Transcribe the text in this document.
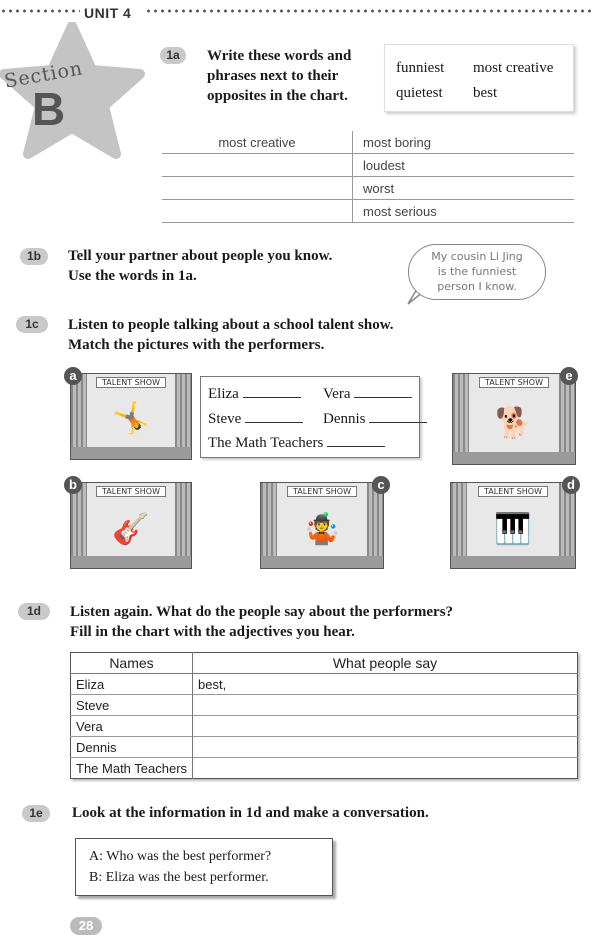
UNIT 4
Section
B
1a	Write these words and
phrases next to their
opposites in the chart.
funniest most creative
quietest best
most creative	most boring
	loudest
	worst
	most serious
1b	Tell your partner about people you know.
Use the words in 1a.
My cousin Li Jing
is the funniest
person I know.
1c	Listen to people talking about a school talent show.
Match the pictures with the performers.
TALENT SHOW
🤸
a	TALENT SHOW
🐕
e
Eliza	Vera
Steve	Dennis
The Math Teachers
TALENT SHOW
🎸
b	TALENT SHOW
🤹
c	TALENT SHOW
🎹
d
1d	Listen again. What do the people say about the performers?
Fill in the chart with the adjectives you hear.
Names	What people say
Eliza	best,
Steve	
Vera	
Dennis	
The Math Teachers	
1e	Look at the information in 1d and make a conversation.
A: Who was the best performer?
B: Eliza was the best performer.
28
